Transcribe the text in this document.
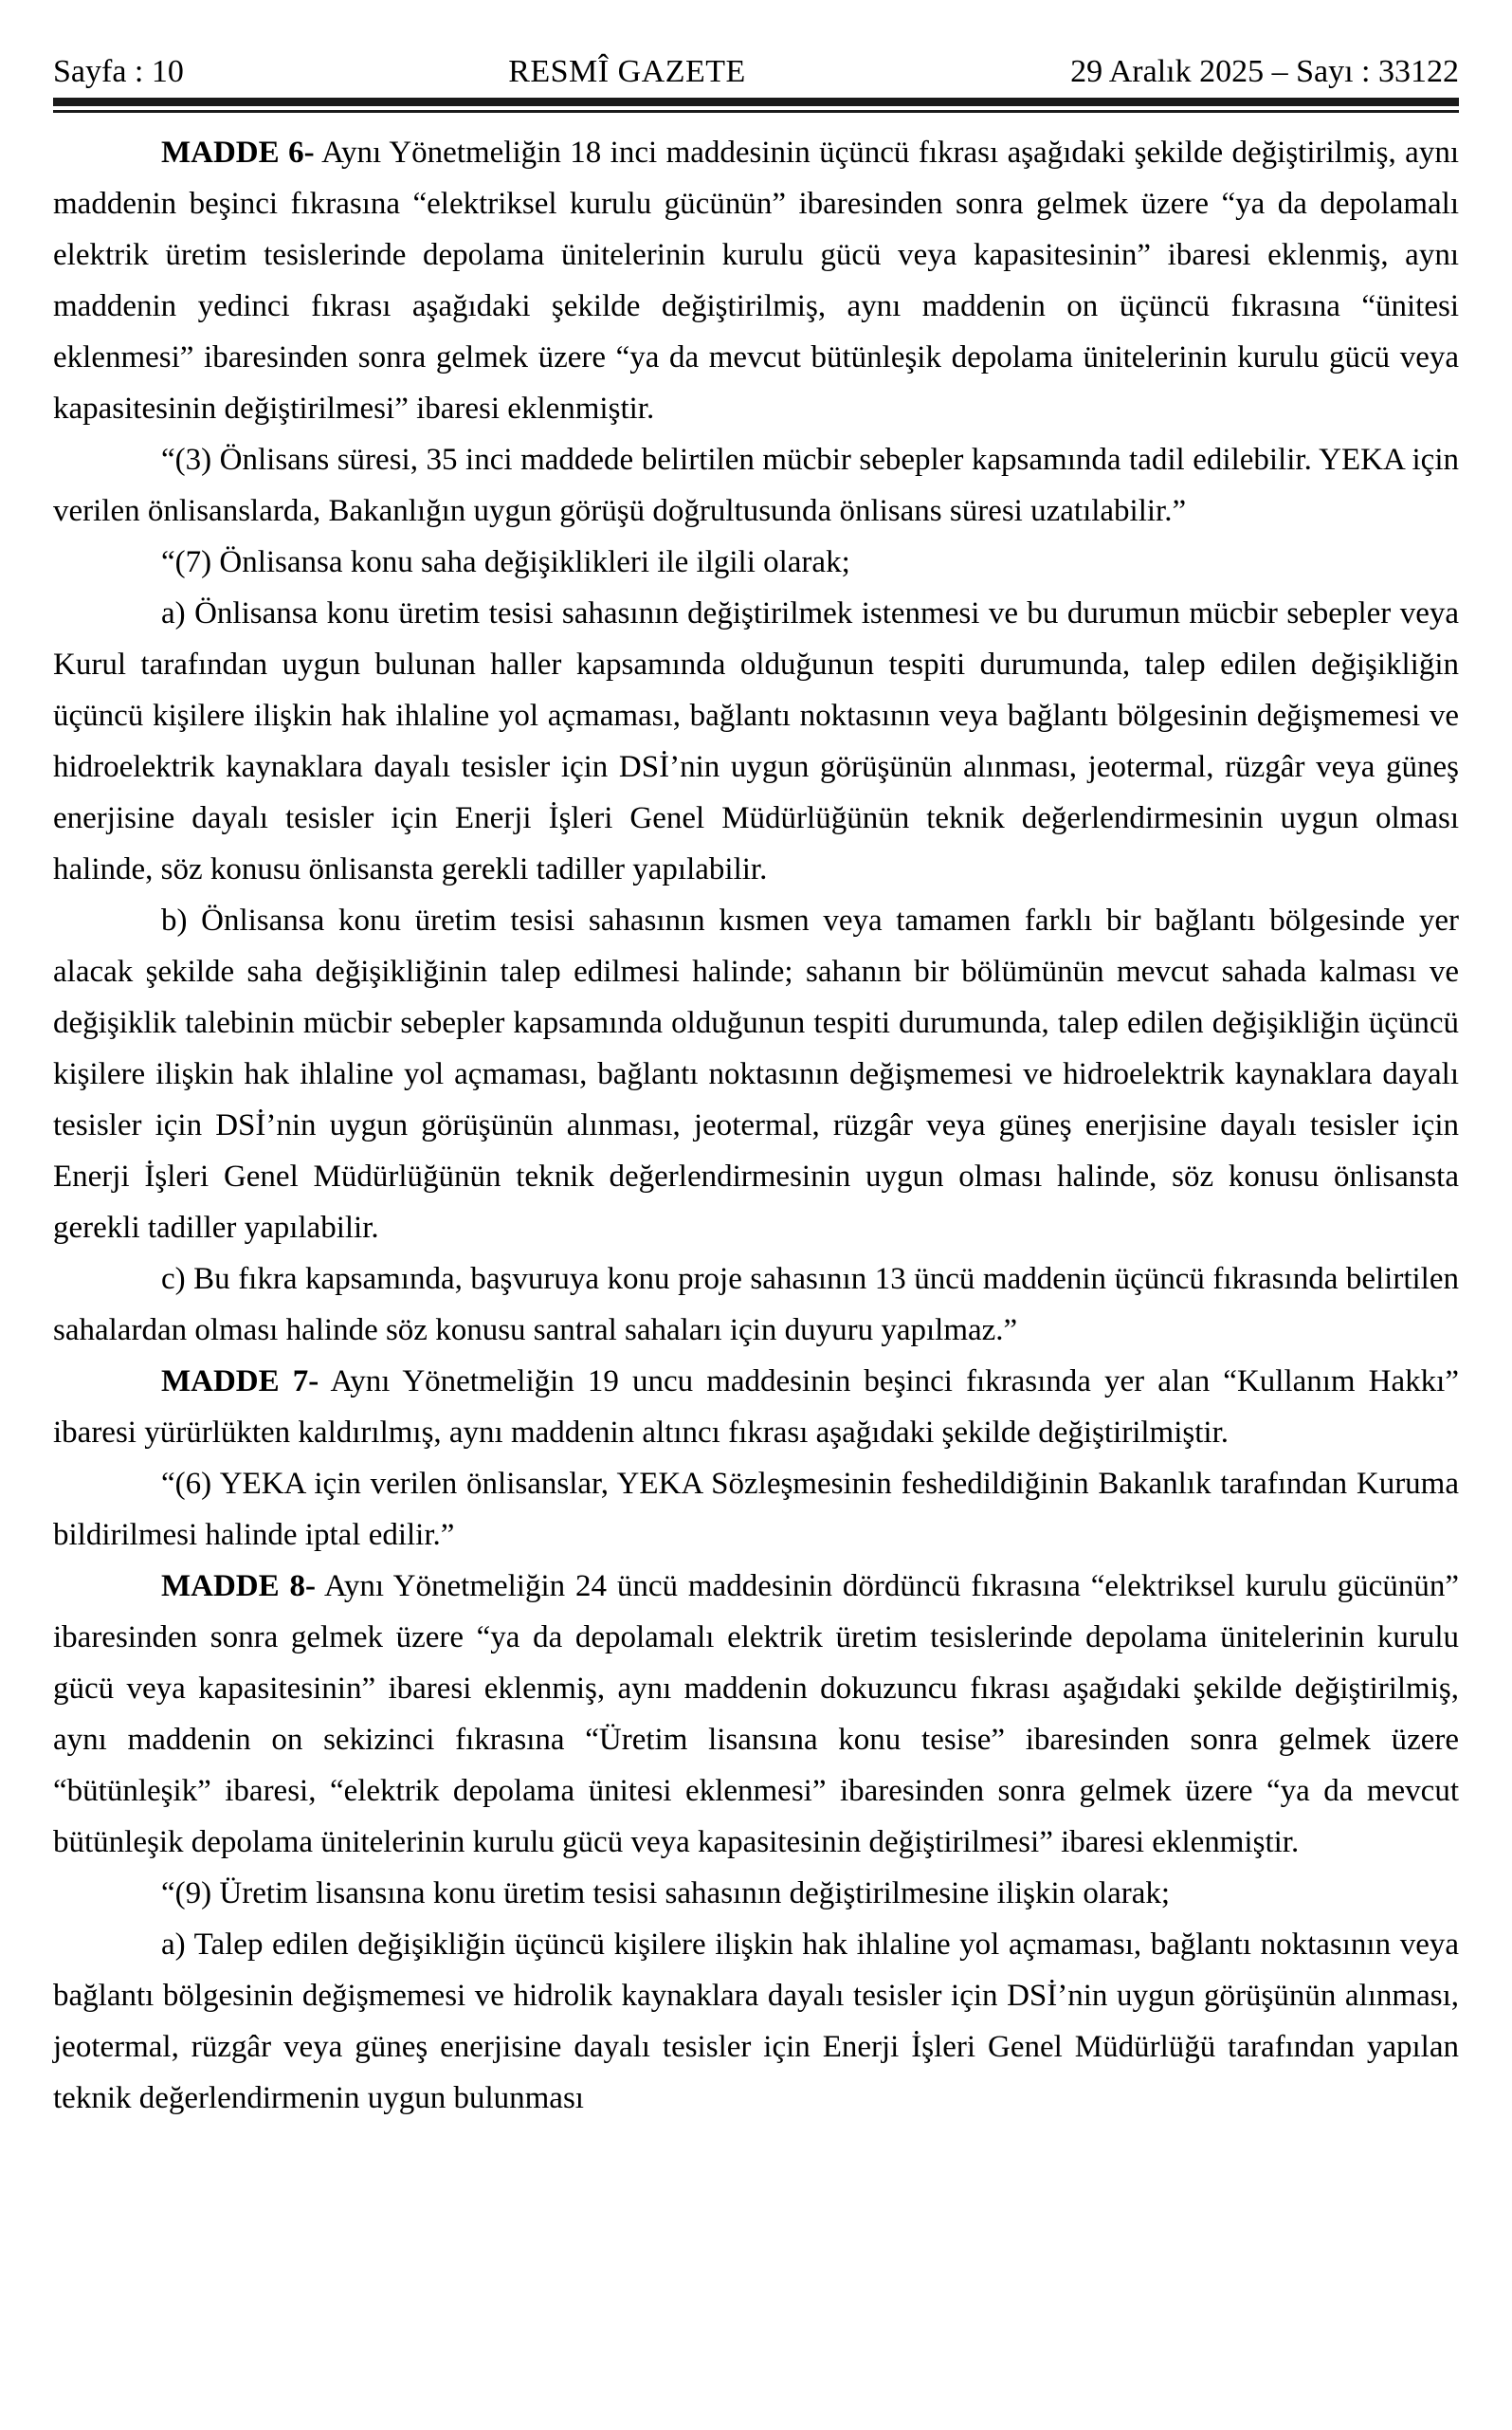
Sayfa : 10	RESMÎ GAZETE	29 Aralık 2025 – Sayı : 33122

MADDE 6- Aynı Yönetmeliğin 18 inci maddesinin üçüncü fıkrası aşağıdaki şekilde değiştirilmiş, aynı maddenin beşinci fıkrasına “elektriksel kurulu gücünün” ibaresinden sonra gelmek üzere “ya da depolamalı elektrik üretim tesislerinde depolama ünitelerinin kurulu gücü veya kapasitesinin” ibaresi eklenmiş, aynı maddenin yedinci fıkrası aşağıdaki şekilde değiştirilmiş, aynı maddenin on üçüncü fıkrasına “ünitesi eklenmesi” ibaresinden sonra gelmek üzere “ya da mevcut bütünleşik depolama ünitelerinin kurulu gücü veya kapasitesinin değiştirilmesi” ibaresi eklenmiştir.

“(3) Önlisans süresi, 35 inci maddede belirtilen mücbir sebepler kapsamında tadil edilebilir. YEKA için verilen önlisanslarda, Bakanlığın uygun görüşü doğrultusunda önlisans süresi uzatılabilir.”

“(7) Önlisansa konu saha değişiklikleri ile ilgili olarak;

a) Önlisansa konu üretim tesisi sahasının değiştirilmek istenmesi ve bu durumun mücbir sebepler veya Kurul tarafından uygun bulunan haller kapsamında olduğunun tespiti durumunda, talep edilen değişikliğin üçüncü kişilere ilişkin hak ihlaline yol açmaması, bağlantı noktasının veya bağlantı bölgesinin değişmemesi ve hidroelektrik kaynaklara dayalı tesisler için DSİ’nin uygun görüşünün alınması, jeotermal, rüzgâr veya güneş enerjisine dayalı tesisler için Enerji İşleri Genel Müdürlüğünün teknik değerlendirmesinin uygun olması halinde, söz konusu önlisansta gerekli tadiller yapılabilir.

b) Önlisansa konu üretim tesisi sahasının kısmen veya tamamen farklı bir bağlantı bölgesinde yer alacak şekilde saha değişikliğinin talep edilmesi halinde; sahanın bir bölümünün mevcut sahada kalması ve değişiklik talebinin mücbir sebepler kapsamında olduğunun tespiti durumunda, talep edilen değişikliğin üçüncü kişilere ilişkin hak ihlaline yol açmaması, bağlantı noktasının değişmemesi ve hidroelektrik kaynaklara dayalı tesisler için DSİ’nin uygun görüşünün alınması, jeotermal, rüzgâr veya güneş enerjisine dayalı tesisler için Enerji İşleri Genel Müdürlüğünün teknik değerlendirmesinin uygun olması halinde, söz konusu önlisansta gerekli tadiller yapılabilir.

c) Bu fıkra kapsamında, başvuruya konu proje sahasının 13 üncü maddenin üçüncü fıkrasında belirtilen sahalardan olması halinde söz konusu santral sahaları için duyuru yapılmaz.”

MADDE 7- Aynı Yönetmeliğin 19 uncu maddesinin beşinci fıkrasında yer alan “Kullanım Hakkı” ibaresi yürürlükten kaldırılmış, aynı maddenin altıncı fıkrası aşağıdaki şekilde değiştirilmiştir.

“(6) YEKA için verilen önlisanslar, YEKA Sözleşmesinin feshedildiğinin Bakanlık tarafından Kuruma bildirilmesi halinde iptal edilir.”

MADDE 8- Aynı Yönetmeliğin 24 üncü maddesinin dördüncü fıkrasına “elektriksel kurulu gücünün” ibaresinden sonra gelmek üzere “ya da depolamalı elektrik üretim tesislerinde depolama ünitelerinin kurulu gücü veya kapasitesinin” ibaresi eklenmiş, aynı maddenin dokuzuncu fıkrası aşağıdaki şekilde değiştirilmiş, aynı maddenin on sekizinci fıkrasına “Üretim lisansına konu tesise” ibaresinden sonra gelmek üzere “bütünleşik” ibaresi, “elektrik depolama ünitesi eklenmesi” ibaresinden sonra gelmek üzere “ya da mevcut bütünleşik depolama ünitelerinin kurulu gücü veya kapasitesinin değiştirilmesi” ibaresi eklenmiştir.

“(9) Üretim lisansına konu üretim tesisi sahasının değiştirilmesine ilişkin olarak;

a) Talep edilen değişikliğin üçüncü kişilere ilişkin hak ihlaline yol açmaması, bağlantı noktasının veya bağlantı bölgesinin değişmemesi ve hidrolik kaynaklara dayalı tesisler için DSİ’nin uygun görüşünün alınması, jeotermal, rüzgâr veya güneş enerjisine dayalı tesisler için Enerji İşleri Genel Müdürlüğü tarafından yapılan teknik değerlendirmenin uygun bulunması
